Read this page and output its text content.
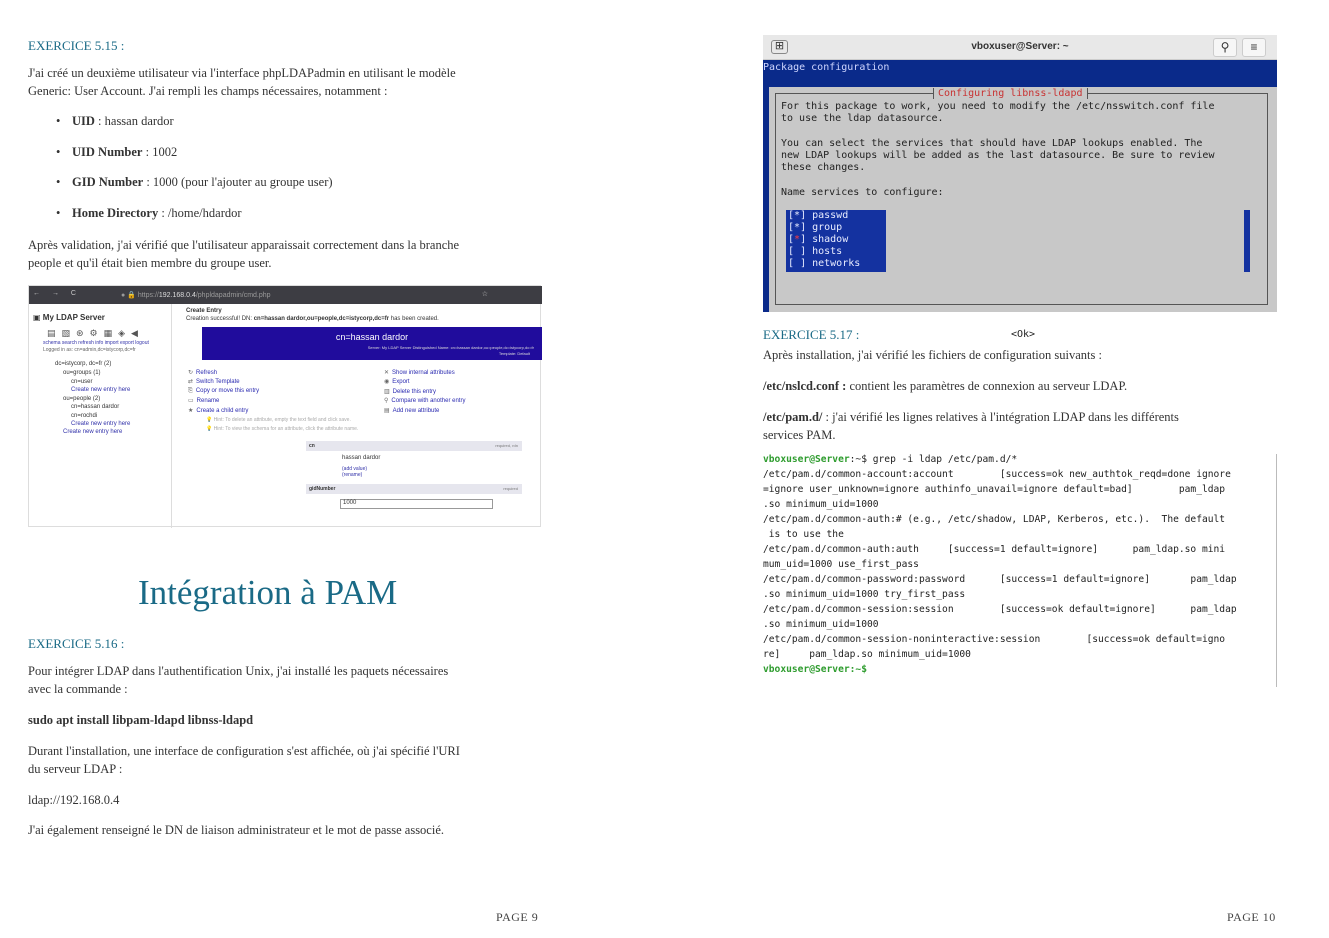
EXERCICE 5.15 :
J'ai créé un deuxième utilisateur via l'interface phpLDAPadmin en utilisant le modèle
Generic: User Account. J'ai rempli les champs nécessaires, notamment :
• UID : hassan dardor
• UID Number : 1002
• GID Number : 1000 (pour l'ajouter au groupe user)
• Home Directory : /home/hdardor
Après validation, j'ai vérifié que l'utilisateur apparaissait correctement dans la branche
people et qu'il était bien membre du groupe user.
← → C	● 🔒 https://192.168.0.4/phpldapadmin/cmd.php	☆
▣ My LDAP Server
▤▧⊛⚙▦◈◀
schema search refresh info import export logout
Logged in as: cn=admin,dc=istycorp,dc=fr
dc=istycorp, dc=fr (2)
ou=groups (1)
cn=user
Create new entry here
ou=people (2)
cn=hassan dardor
cn=rochdi
Create new entry here
Create new entry here
Create Entry
Creation successful! DN: cn=hassan dardor,ou=people,dc=istycorp,dc=fr has been created.
cn=hassan dardor
Server: My LDAP Server Distinguished Name: cn=hassan dardor,ou=people,dc=istycorp,dc=fr
Template: Default
↻ Refresh
⇄ Switch Template
⎘ Copy or move this entry
▭ Rename
★ Create a child entry
✕ Show internal attributes
◉ Export
▥ Delete this entry
⚲ Compare with another entry
▤ Add new attribute
💡 Hint: To delete an attribute, empty the text field and click save.
💡 Hint: To view the schema for an attribute, click the attribute name.
cn	required, rdn
hassan dardor
(add value)
(rename)
gidNumber	required
1000
Intégration à PAM
EXERCICE 5.16 :
Pour intégrer LDAP dans l'authentification Unix, j'ai installé les paquets nécessaires
avec la commande :
sudo apt install libpam-ldapd libnss-ldapd
Durant l'installation, une interface de configuration s'est affichée, où j'ai spécifié l'URI
du serveur LDAP :
ldap://192.168.0.4
J'ai également renseigné le DN de liaison administrateur et le mot de passe associé.
PAGE 9
⊞	vboxuser@Server: ~	⚲	≡
Package configuration
Configuring libnss-ldapd
For this package to work, you need to modify the /etc/nsswitch.conf file
to use the ldap datasource.
You can select the services that should have LDAP lookups enabled. The
new LDAP lookups will be added as the last datasource. Be sure to review
these changes.
Name services to configure:
[*] passwd
[*] group
[*] shadow
[ ] hosts
[ ] networks
<Ok>
EXERCICE 5.17 :
Après installation, j'ai vérifié les fichiers de configuration suivants :
/etc/nslcd.conf : contient les paramètres de connexion au serveur LDAP.
/etc/pam.d/ : j'ai vérifié les lignes relatives à l'intégration LDAP dans les différents
services PAM.
vboxuser@Server:~$ grep -i ldap /etc/pam.d/*
/etc/pam.d/common-account:account        [success=ok new_authtok_reqd=done ignore
=ignore user_unknown=ignore authinfo_unavail=ignore default=bad]        pam_ldap
.so minimum_uid=1000
/etc/pam.d/common-auth:# (e.g., /etc/shadow, LDAP, Kerberos, etc.).  The default
is to use the
/etc/pam.d/common-auth:auth     [success=1 default=ignore]      pam_ldap.so mini
mum_uid=1000 use_first_pass
/etc/pam.d/common-password:password      [success=1 default=ignore]       pam_ldap
.so minimum_uid=1000 try_first_pass
/etc/pam.d/common-session:session        [success=ok default=ignore]      pam_ldap
.so minimum_uid=1000
/etc/pam.d/common-session-noninteractive:session        [success=ok default=igno
re]     pam_ldap.so minimum_uid=1000
vboxuser@Server:~$
PAGE 10
